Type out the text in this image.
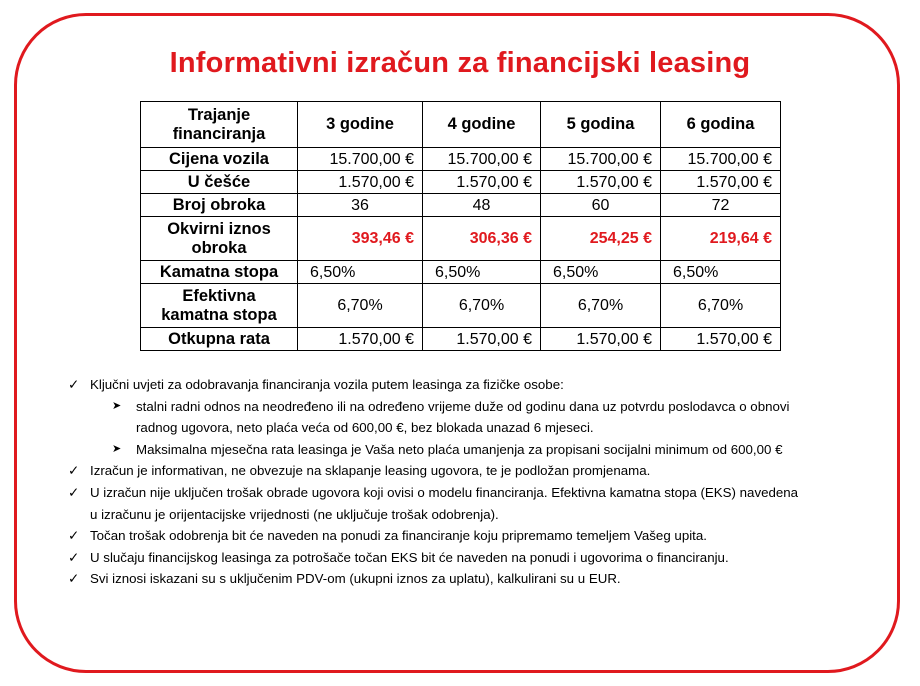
Informativni izračun za financijski leasing
Trajanje
financiranja	3 godine	4 godine	5 godina	6 godina
Cijena vozila	15.700,00 €	15.700,00 €	15.700,00 €	15.700,00 €
U češće	1.570,00 €	1.570,00 €	1.570,00 €	1.570,00 €
Broj obroka	36	48	60	72

Okvirni iznos
obroka	393,46 €	306,36 €	254,25 €	219,64 €
Kamatna stopa	6,50%	6,50%	6,50%	6,50%

Efektivna
kamatna stopa	6,70%	6,70%	6,70%	6,70%
Otkupna rata	1.570,00 €	1.570,00 €	1.570,00 €	1.570,00 €
✓ Ključni uvjeti za odobravanja financiranja vozila putem leasinga za fizičke osobe:
➤	stalni radni odnos na neodređeno ili na određeno vrijeme duže od godinu dana uz potvrdu poslodavca o obnovi
radnog ugovora, neto plaća veća od 600,00 €, bez blokada unazad 6 mjeseci.
➤	Maksimalna mjesečna rata leasinga je Vaša neto plaća umanjenja za propisani socijalni minimum od 600,00 €
✓ Izračun je informativan, ne obvezuje na sklapanje leasing ugovora, te je podložan promjenama.
✓ U izračun nije uključen trošak obrade ugovora koji ovisi o modelu financiranja. Efektivna kamatna stopa (EKS) navedena
u izračunu je orijentacijske vrijednosti (ne uključuje trošak odobrenja).
✓ Točan trošak odobrenja bit će naveden na ponudi za financiranje koju pripremamo temeljem Vašeg upita.
✓ U slučaju financijskog leasinga za potrošače točan EKS bit će naveden na ponudi i ugovorima o financiranju.
✓ Svi iznosi iskazani su s uključenim PDV-om (ukupni iznos za uplatu), kalkulirani su u EUR.
